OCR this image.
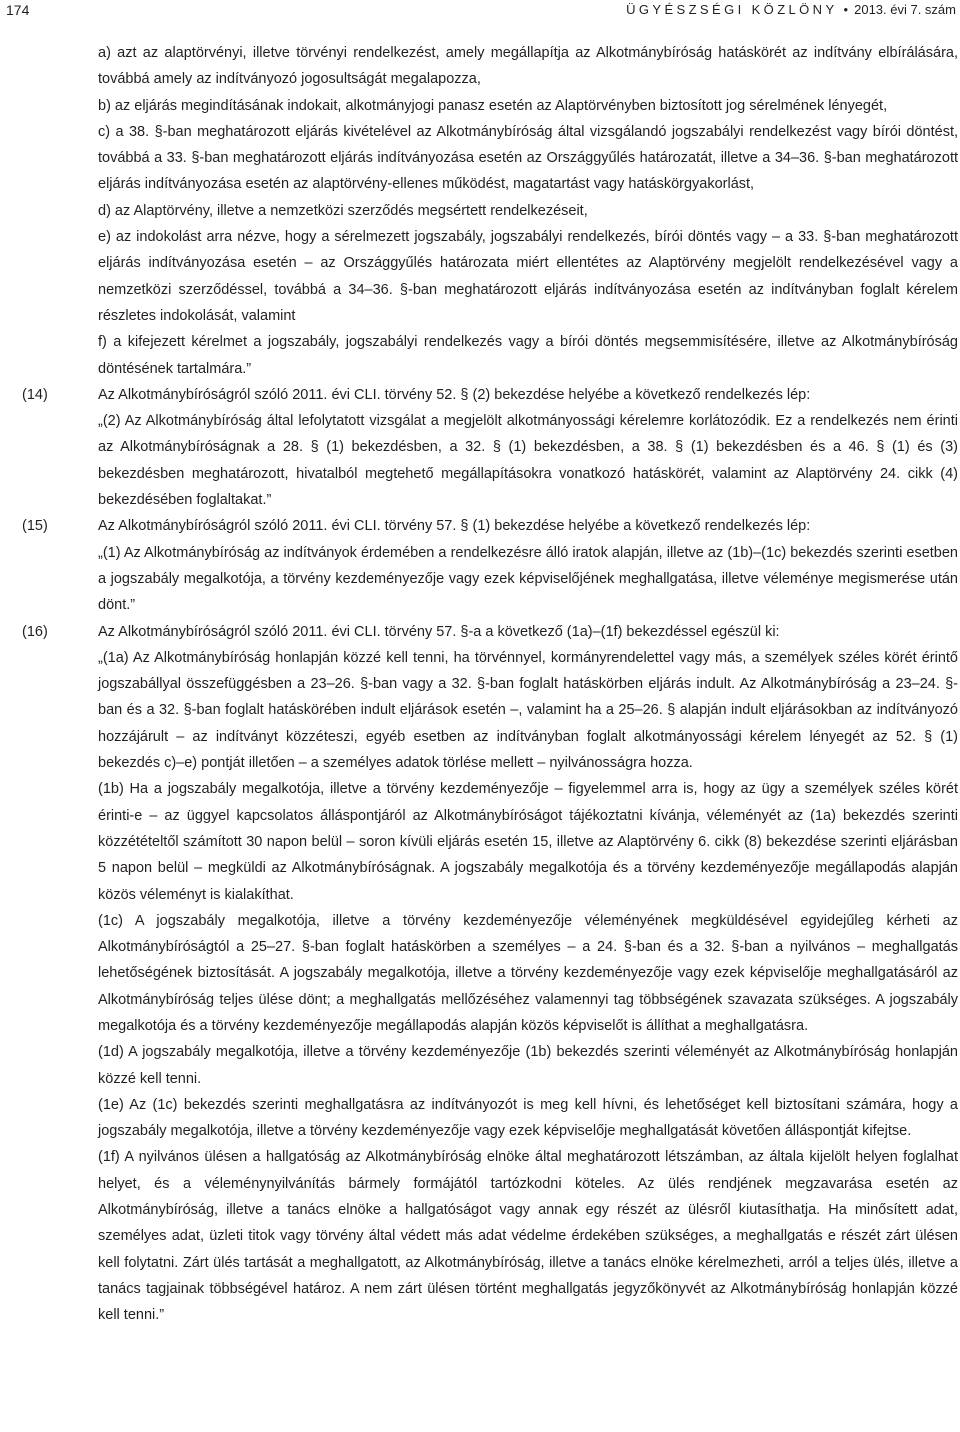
174	ÜGYÉSZSÉGI KÖZLÖNY • 2013. évi 7. szám

a) azt az alaptörvényi, illetve törvényi rendelkezést, amely megállapítja az Alkotmánybíróság hatáskörét az indítvány elbírálására, továbbá amely az indítványozó jogosultságát megalapozza,

b) az eljárás megindításának indokait, alkotmányjogi panasz esetén az Alaptörvényben biztosított jog sérelmének lényegét,

c) a 38. §-ban meghatározott eljárás kivételével az Alkotmánybíróság által vizsgálandó jogszabályi rendelkezést vagy bírói döntést, továbbá a 33. §-ban meghatározott eljárás indítványozása esetén az Országgyűlés határozatát, illetve a 34–36. §-ban meghatározott eljárás indítványozása esetén az alaptörvény-ellenes működést, magatartást vagy hatáskörgyakorlást,

d) az Alaptörvény, illetve a nemzetközi szerződés megsértett rendelkezéseit,

e) az indokolást arra nézve, hogy a sérelmezett jogszabály, jogszabályi rendelkezés, bírói döntés vagy – a 33. §-ban meghatározott eljárás indítványozása esetén – az Országgyűlés határozata miért ellentétes az Alaptörvény megjelölt rendelkezésével vagy a nemzetközi szerződéssel, továbbá a 34–36. §-ban meghatározott eljárás indítványozása esetén az indítványban foglalt kérelem részletes indokolását, valamint

f) a kifejezett kérelmet a jogszabály, jogszabályi rendelkezés vagy a bírói döntés megsemmisítésére, illetve az Alkotmánybíróság döntésének tartalmára.”

(14)	Az Alkotmánybíróságról szóló 2011. évi CLI. törvény 52. § (2) bekezdése helyébe a következő rendelkezés lép:

„(2) Az Alkotmánybíróság által lefolytatott vizsgálat a megjelölt alkotmányossági kérelemre korlátozódik. Ez a rendelkezés nem érinti az Alkotmánybíróságnak a 28. § (1) bekezdésben, a 32. § (1) bekezdésben, a 38. § (1) bekezdésben és a 46. § (1) és (3) bekezdésben meghatározott, hivatalból megtehető megállapításokra vonatkozó hatáskörét, valamint az Alaptörvény 24. cikk (4) bekezdésében foglaltakat.”

(15)	Az Alkotmánybíróságról szóló 2011. évi CLI. törvény 57. § (1) bekezdése helyébe a következő rendelkezés lép:

„(1) Az Alkotmánybíróság az indítványok érdemében a rendelkezésre álló iratok alapján, illetve az (1b)–(1c) bekezdés szerinti esetben a jogszabály megalkotója, a törvény kezdeményezője vagy ezek képviselőjének meghallgatása, illetve véleménye megismerése után dönt.”

(16)	Az Alkotmánybíróságról szóló 2011. évi CLI. törvény 57. §-a a következő (1a)–(1f) bekezdéssel egészül ki:

„(1a) Az Alkotmánybíróság honlapján közzé kell tenni, ha törvénnyel, kormányrendelettel vagy más, a személyek széles körét érintő jogszabállyal összefüggésben a 23–26. §-ban vagy a 32. §-ban foglalt hatáskörben eljárás indult. Az Alkotmánybíróság a 23–24. §-ban és a 32. §-ban foglalt hatáskörében indult eljárások esetén –, valamint ha a 25–26. § alapján indult eljárásokban az indítványozó hozzájárult – az indítványt közzéteszi, egyéb esetben az indítványban foglalt alkotmányossági kérelem lényegét az 52. § (1) bekezdés c)–e) pontját illetően – a személyes adatok törlése mellett – nyilvánosságra hozza.

(1b) Ha a jogszabály megalkotója, illetve a törvény kezdeményezője – figyelemmel arra is, hogy az ügy a személyek széles körét érinti-e – az üggyel kapcsolatos álláspontjáról az Alkotmánybíróságot tájékoztatni kívánja, véleményét az (1a) bekezdés szerinti közzétételtől számított 30 napon belül – soron kívüli eljárás esetén 15, illetve az Alaptörvény 6. cikk (8) bekezdése szerinti eljárásban 5 napon belül – megküldi az Alkotmánybíróságnak. A jogszabály megalkotója és a törvény kezdeményezője megállapodás alapján közös véleményt is kialakíthat.

(1c) A jogszabály megalkotója, illetve a törvény kezdeményezője véleményének megküldésével egyidejűleg kérheti az Alkotmánybíróságtól a 25–27. §-ban foglalt hatáskörben a személyes – a 24. §-ban és a 32. §-ban a nyilvános – meghallgatás lehetőségének biztosítását. A jogszabály megalkotója, illetve a törvény kezdeményezője vagy ezek képviselője meghallgatásáról az Alkotmánybíróság teljes ülése dönt; a meghallgatás mellőzéséhez valamennyi tag többségének szavazata szükséges. A jogszabály megalkotója és a törvény kezdeményezője megállapodás alapján közös képviselőt is állíthat a meghallgatásra.

(1d) A jogszabály megalkotója, illetve a törvény kezdeményezője (1b) bekezdés szerinti véleményét az Alkotmánybíróság honlapján közzé kell tenni.

(1e) Az (1c) bekezdés szerinti meghallgatásra az indítványozót is meg kell hívni, és lehetőséget kell biztosítani számára, hogy a jogszabály megalkotója, illetve a törvény kezdeményezője vagy ezek képviselője meghallgatását követően álláspontját kifejtse.

(1f) A nyilvános ülésen a hallgatóság az Alkotmánybíróság elnöke által meghatározott létszámban, az általa kijelölt helyen foglalhat helyet, és a véleménynyilvánítás bármely formájától tartózkodni köteles. Az ülés rendjének megzavarása esetén az Alkotmánybíróság, illetve a tanács elnöke a hallgatóságot vagy annak egy részét az ülésről kiutasíthatja. Ha minősített adat, személyes adat, üzleti titok vagy törvény által védett más adat védelme érdekében szükséges, a meghallgatás e részét zárt ülésen kell folytatni. Zárt ülés tartását a meghallgatott, az Alkotmánybíróság, illetve a tanács elnöke kérelmezheti, arról a teljes ülés, illetve a tanács tagjainak többségével határoz. A nem zárt ülésen történt meghallgatás jegyzőkönyvét az Alkotmánybíróság honlapján közzé kell tenni.”
